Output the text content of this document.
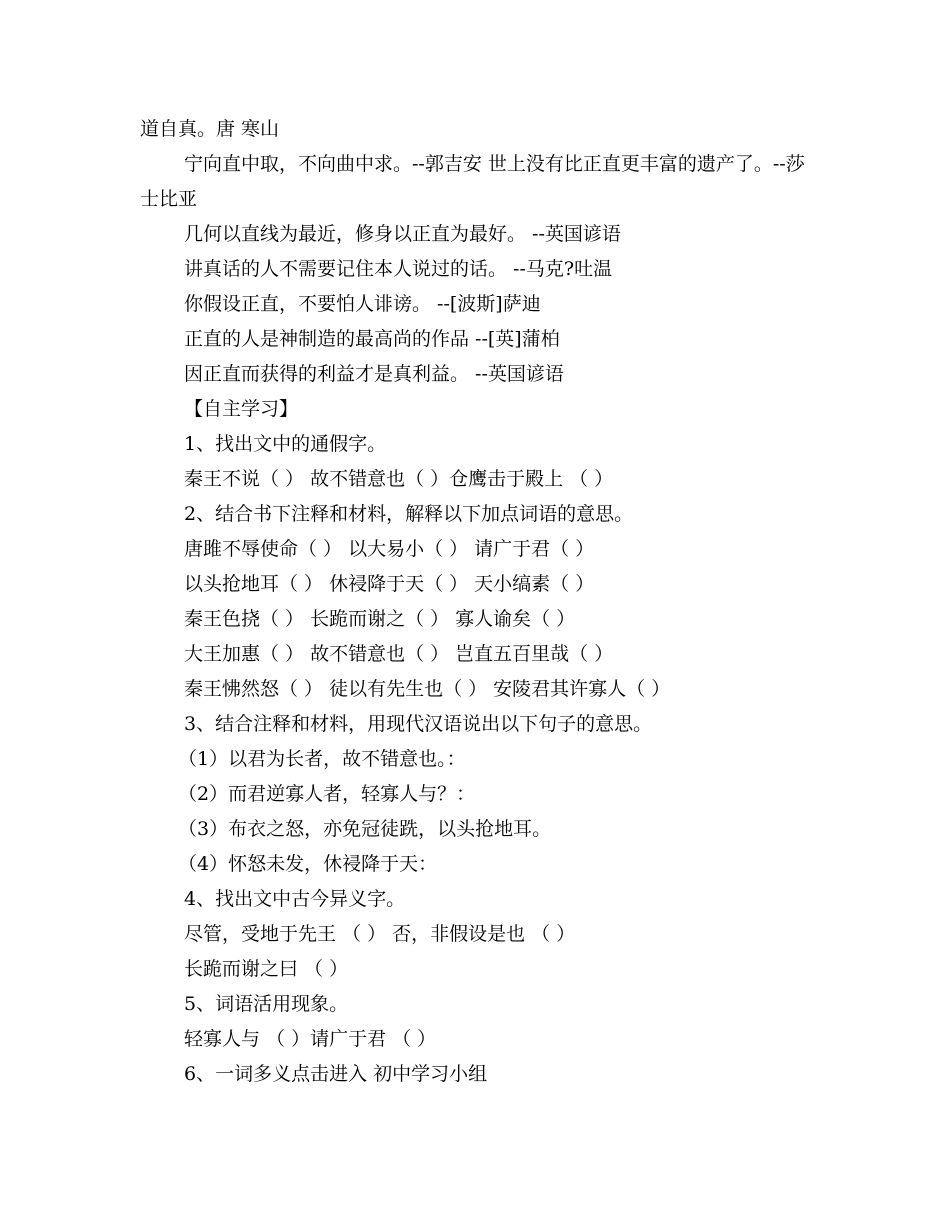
道自真。唐 寒山
宁向直中取，不向曲中求。--郭吉安 世上没有比正直更丰富的遗产了。--莎士比亚
几何以直线为最近，修身以正直为最好。 --英国谚语
讲真话的人不需要记住本人说过的话。 --马克?吐温
你假设正直，不要怕人诽谤。 --[波斯]萨迪
正直的人是神制造的最高尚的作品 --[英]蒲柏
因正直而获得的利益才是真利益。 --英国谚语
【自主学习】
1、找出文中的通假字。
秦王不说（ ） 故不错意也（ ）仓鹰击于殿上 （ ）
2、结合书下注释和材料，解释以下加点词语的意思。
唐雎不辱使命（ ） 以大易小（ ） 请广于君（ ）
以头抢地耳（ ） 休祲降于天（ ） 天小缟素（ ）
秦王色挠（ ） 长跪而谢之（ ） 寡人谕矣（ ）
大王加惠（ ） 故不错意也（ ） 岂直五百里哉（ ）
秦王怫然怒（ ） 徒以有先生也（ ） 安陵君其许寡人（ ）
3、结合注释和材料，用现代汉语说出以下句子的意思。
（1）以君为长者，故不错意也。：
（2）而君逆寡人者，轻寡人与？：
（3）布衣之怒，亦免冠徒跣，以头抢地耳。
（4）怀怒未发，休祲降于天：
4、找出文中古今异义字。
尽管，受地于先王 （ ） 否，非假设是也 （ ）
长跪而谢之曰 （ ）
5、词语活用现象。
轻寡人与 （ ）请广于君 （ ）
6、一词多义点击进入 初中学习小组
